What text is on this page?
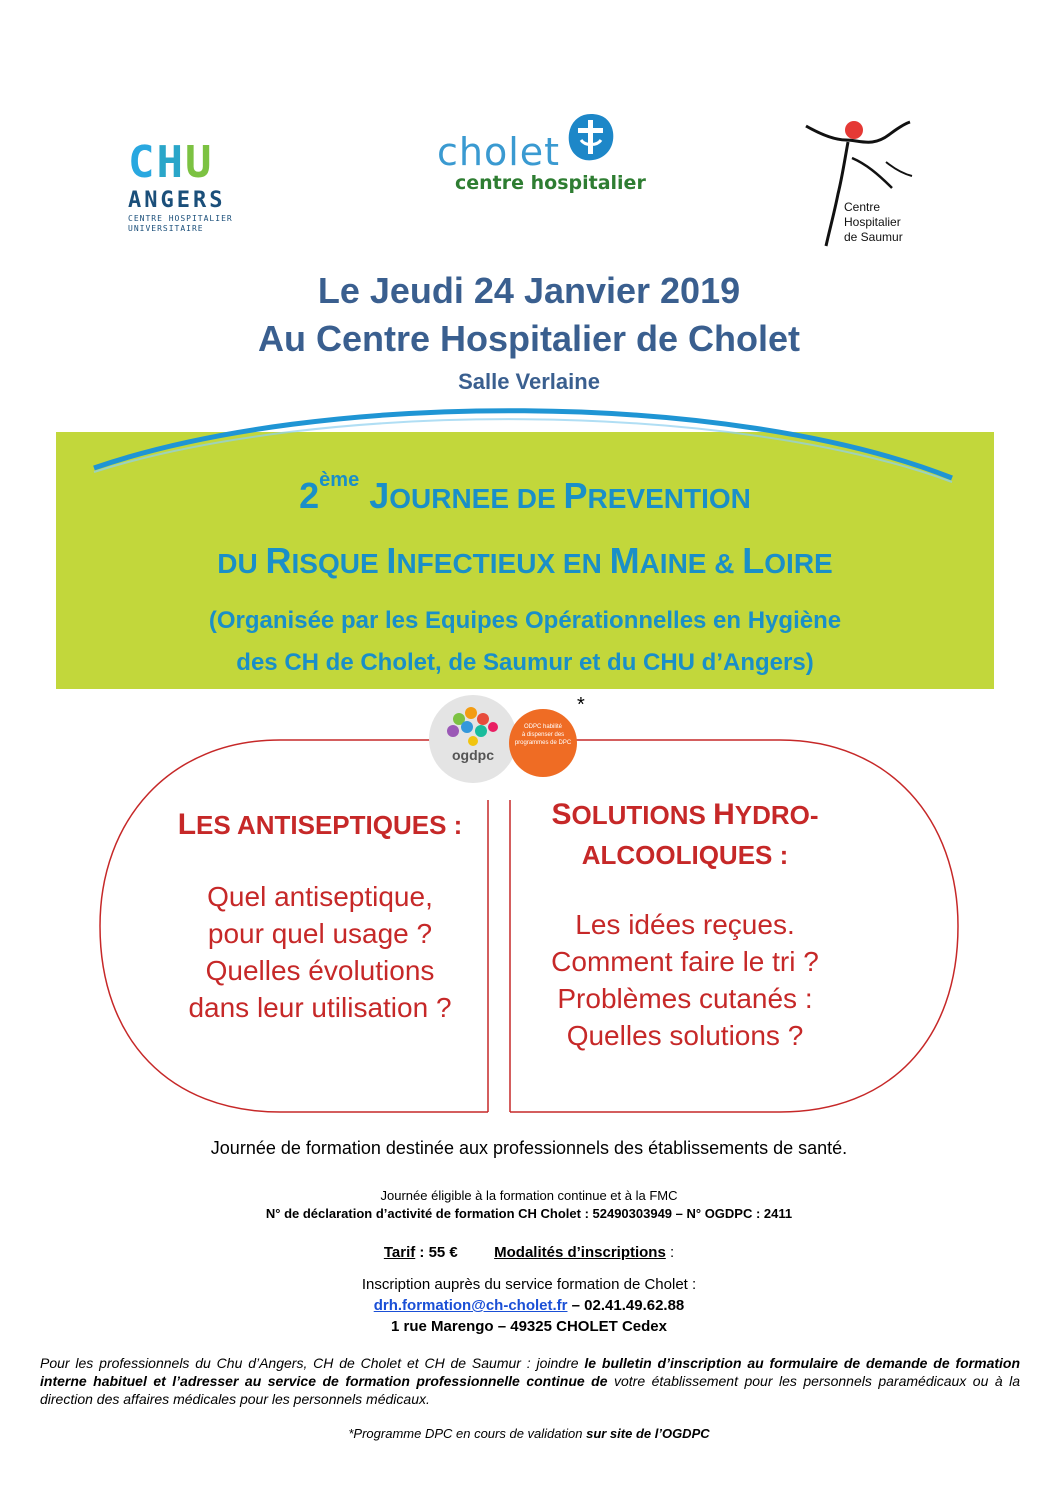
CHU
ANGERS
CENTRE HOSPITALIER
UNIVERSITAIRE
cholet
centre hospitalier
Centre
Hospitalier
de Saumur
Le Jeudi 24 Janvier 2019
Au Centre Hospitalier de Cholet
Salle Verlaine
2ème JOURNEE DE PREVENTION
DU RISQUE INFECTIEUX EN MAINE & LOIRE
(Organisée par les Equipes Opérationnelles en Hygiène
des CH de Cholet, de Saumur et du CHU d’Angers)
ogdpc
ODPC habilité
à dispenser des
programmes de DPC
*
LES ANTISEPTIQUES :
Quel antiseptique,
pour quel usage ?
Quelles évolutions
dans leur utilisation ?
SOLUTIONS HYDRO-
ALCOOLIQUES :
Les idées reçues.
Comment faire le tri ?
Problèmes cutanés :
Quelles solutions ?
Journée de formation destinée aux professionnels des établissements de santé.
Journée éligible à la formation continue et à la FMC
N° de déclaration d’activité de formation CH Cholet : 52490303949 – N° OGDPC : 2411
Tarif : 55 € Modalités d’inscriptions :
Inscription auprès du service formation de Cholet :
drh.formation@ch-cholet.fr – 02.41.49.62.88
1 rue Marengo – 49325 CHOLET Cedex
Pour les professionnels du Chu d’Angers, CH de Cholet et CH de Saumur : joindre le bulletin d’inscription au formulaire de demande de formation interne habituel et l’adresser au service de formation professionnelle continue de votre établissement pour les personnels paramédicaux ou à la direction des affaires médicales pour les personnels médicaux.
*Programme DPC en cours de validation sur site de l’OGDPC
